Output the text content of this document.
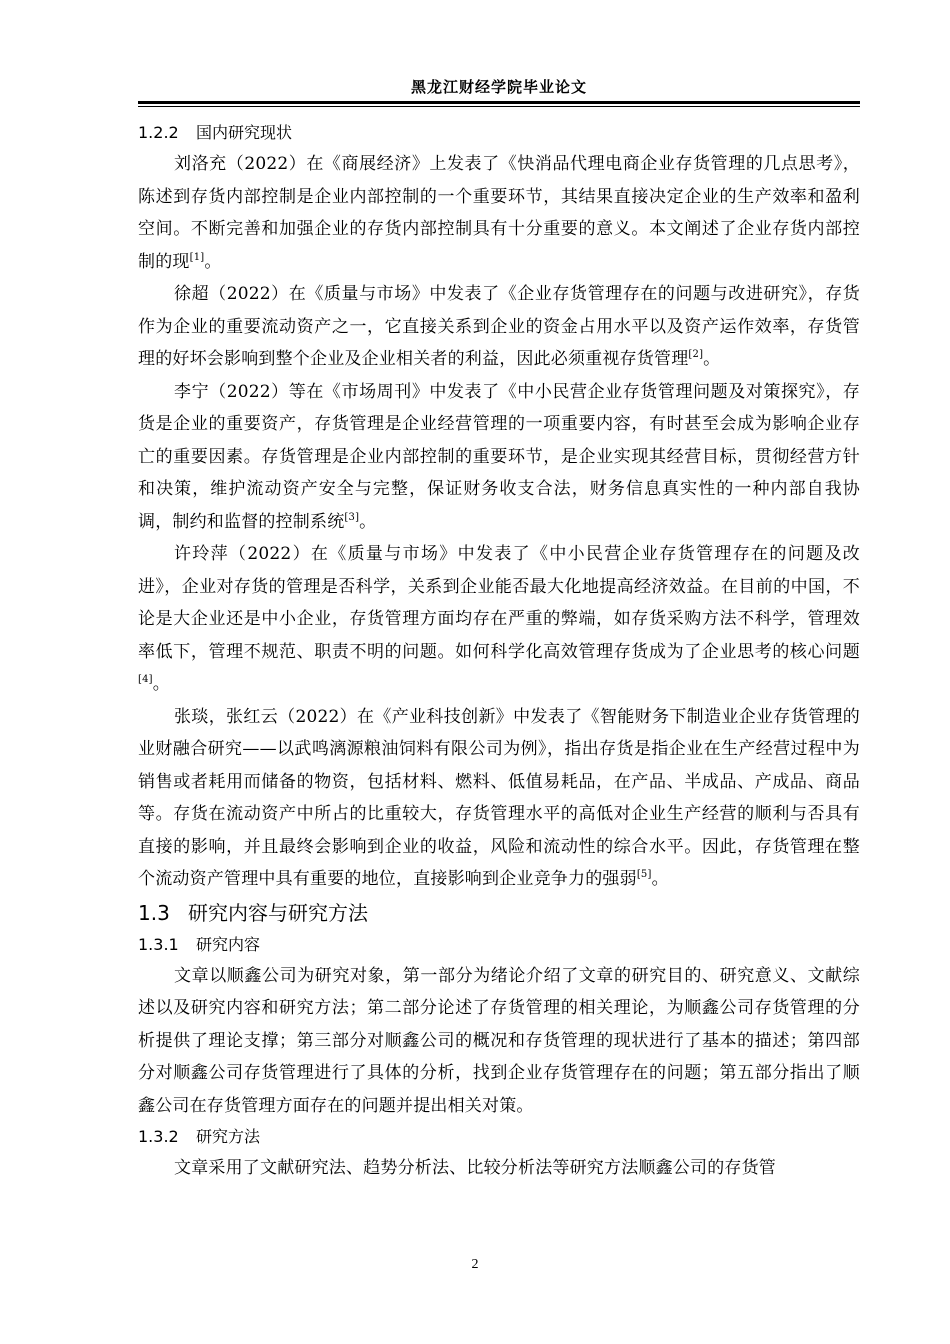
黑龙江财经学院毕业论文
1.2.2 国内研究现状

刘洛充（2022）在《商展经济》上发表了《快消品代理电商企业存货管理的几点思考》，陈述到存货内部控制是企业内部控制的一个重要环节，其结果直接决定企业的生产效率和盈利空间。不断完善和加强企业的存货内部控制具有十分重要的意义。本文阐述了企业存货内部控制的现[1]。

徐超（2022）在《质量与市场》中发表了《企业存货管理存在的问题与改进研究》，存货作为企业的重要流动资产之一，它直接关系到企业的资金占用水平以及资产运作效率，存货管理的好坏会影响到整个企业及企业相关者的利益，因此必须重视存货管理[2]。

李宁（2022）等在《市场周刊》中发表了《中小民营企业存货管理问题及对策探究》，存货是企业的重要资产，存货管理是企业经营管理的一项重要内容，有时甚至会成为影响企业存亡的重要因素。存货管理是企业内部控制的重要环节，是企业实现其经营目标，贯彻经营方针和决策，维护流动资产安全与完整，保证财务收支合法，财务信息真实性的一种内部自我协调，制约和监督的控制系统[3]。

许玲萍（2022）在《质量与市场》中发表了《中小民营企业存货管理存在的问题及改进》，企业对存货的管理是否科学，关系到企业能否最大化地提高经济效益。在目前的中国，不论是大企业还是中小企业，存货管理方面均存在严重的弊端，如存货采购方法不科学，管理效率低下，管理不规范、职责不明的问题。如何科学化高效管理存货成为了企业思考的核心问题[4]。

张琰，张红云（2022）在《产业科技创新》中发表了《智能财务下制造业企业存货管理的业财融合研究——以武鸣漓源粮油饲料有限公司为例》，指出存货是指企业在生产经营过程中为销售或者耗用而储备的物资，包括材料、燃料、低值易耗品，在产品、半成品、产成品、商品等。存货在流动资产中所占的比重较大，存货管理水平的高低对企业生产经营的顺利与否具有直接的影响，并且最终会影响到企业的收益，风险和流动性的综合水平。因此，存货管理在整个流动资产管理中具有重要的地位，直接影响到企业竞争力的强弱[5]。

1.3 研究内容与研究方法
1.3.1 研究内容

文章以顺鑫公司为研究对象，第一部分为绪论介绍了文章的研究目的、研究意义、文献综述以及研究内容和研究方法；第二部分论述了存货管理的相关理论，为顺鑫公司存货管理的分析提供了理论支撑；第三部分对顺鑫公司的概况和存货管理的现状进行了基本的描述；第四部分对顺鑫公司存货管理进行了具体的分析，找到企业存货管理存在的问题；第五部分指出了顺鑫公司在存货管理方面存在的问题并提出相关对策。

1.3.2 研究方法

文章采用了文献研究法、趋势分析法、比较分析法等研究方法顺鑫公司的存货管

2
